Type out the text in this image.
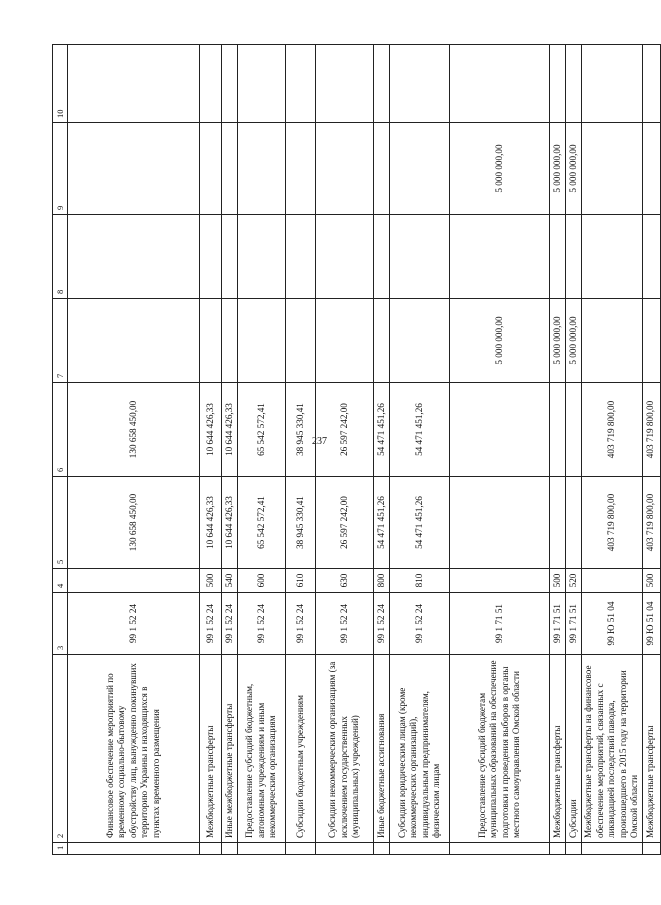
237
1	2	3	4	5	6	7	8	9	10
	Финансовое обеспечение мероприятий по временному социально-бытовому обустройству лиц, вынужденно покинувших территорию Украины и находящихся в пунктах временного размещения	99 1 52 24		130 658 450,00	130 658 450,00				
	Межбюджетные трансферты	99 1 52 24	500	10 644 426,33	10 644 426,33				
	Иные межбюджетные трансферты	99 1 52 24	540	10 644 426,33	10 644 426,33				
	Предоставление субсидий бюджетным, автономным учреждениям и иным некоммерческим организациям	99 1 52 24	600	65 542 572,41	65 542 572,41				
	Субсидии бюджетным учреждениям	99 1 52 24	610	38 945 330,41	38 945 330,41				
	Субсидии некоммерческим организациям (за исключением государственных (муниципальных) учреждений)	99 1 52 24	630	26 597 242,00	26 597 242,00				
	Иные бюджетные ассигнования	99 1 52 24	800	54 471 451,26	54 471 451,26				
	Субсидии юридическим лицам (кроме некоммерческих организаций), индивидуальным предпринимателям, физическим лицам	99 1 52 24	810	54 471 451,26	54 471 451,26				
	Предоставление субсидий бюджетам муниципальных образований на обеспечение подготовки и проведения выборов в органы местного самоуправления Омской области	99 1 71 51				5 000 000,00		5 000 000,00	
	Межбюджетные трансферты	99 1 71 51	500			5 000 000,00		5 000 000,00	
	Субсидии	99 1 71 51	520			5 000 000,00		5 000 000,00	
	Межбюджетные трансферты на финансовое обеспечение мероприятий, связанных с ликвидацией последствий паводка, произошедшего в 2015 году на территории Омской области	99 Ю 51 04		403 719 800,00	403 719 800,00				
	Межбюджетные трансферты	99 Ю 51 04	500	403 719 800,00	403 719 800,00				
